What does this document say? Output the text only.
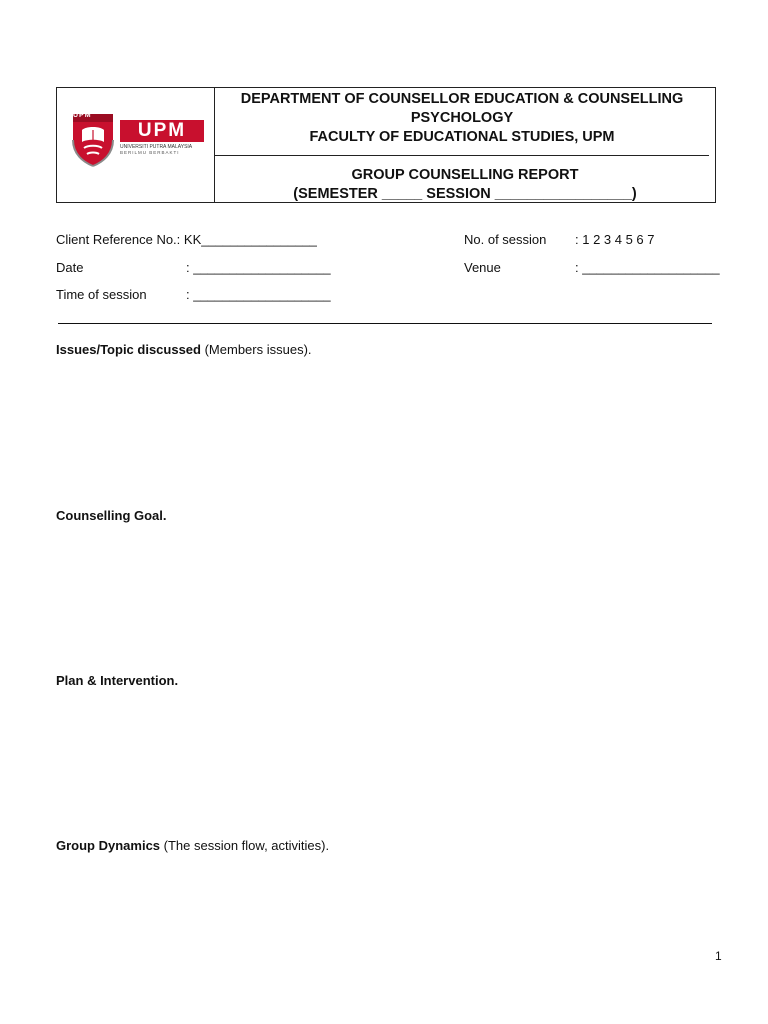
UPM
UPM
UNIVERSITI PUTRA MALAYSIA
BERILMU BERBAKTI
DEPARTMENT OF COUNSELLOR EDUCATION & COUNSELLING
PSYCHOLOGY
FACULTY OF EDUCATIONAL STUDIES, UPM
GROUP COUNSELLING REPORT
(SEMESTER _____ SESSION _________________)
Client Reference No.: KK________________
Date	: ___________________
Time of session	: ___________________
No. of session : 1 2 3 4 5 6 7
Venue	: ___________________
Issues/Topic discussed (Members issues).
Counselling Goal.
Plan & Intervention.
Group Dynamics (The session flow, activities).
1
